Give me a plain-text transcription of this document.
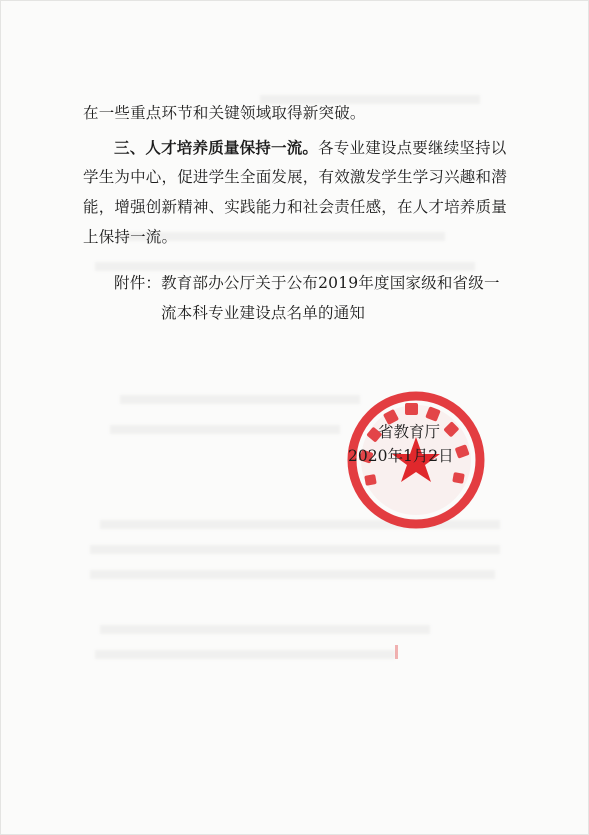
在一些重点环节和关键领域取得新突破。
三、人才培养质量保持一流。各专业建设点要继续坚持以
学生为中心，促进学生全面发展，有效激发学生学习兴趣和潜
能，增强创新精神、实践能力和社会责任感，在人才培养质量
上保持一流。
附件：教育部办公厅关于公布2019年度国家级和省级一
流本科专业建设点名单的通知
省教育厅
2020年1月2日
